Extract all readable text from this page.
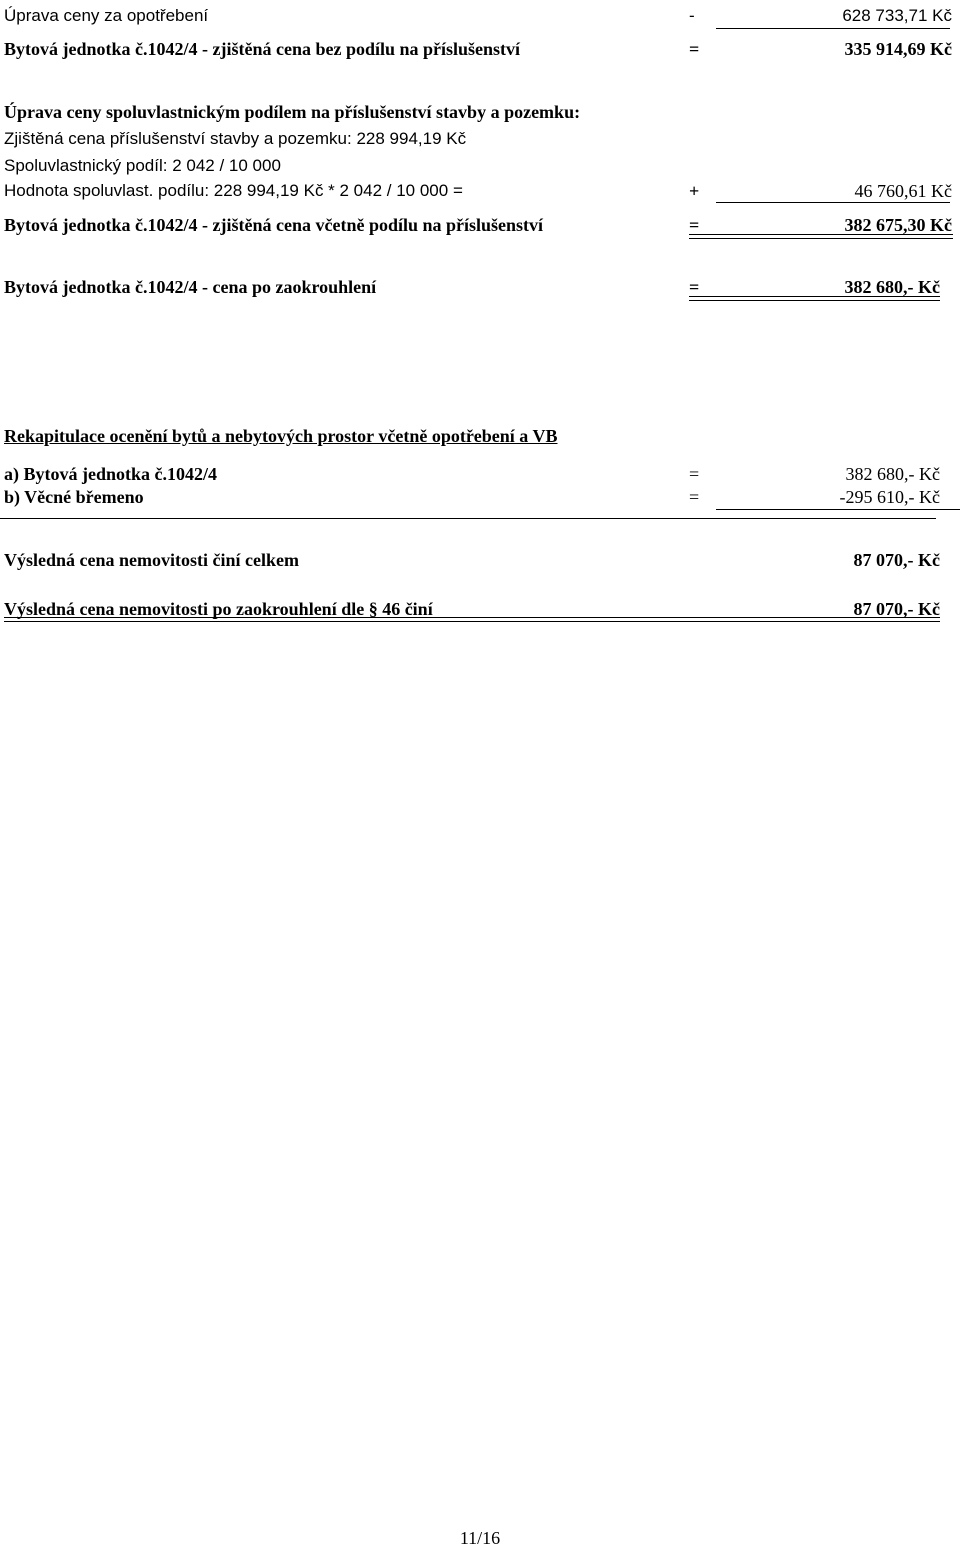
Úprava ceny za opotřebení	-	628 733,71 Kč
Bytová jednotka č.1042/4 - zjištěná cena bez podílu na příslušenství	=	335 914,69 Kč
Úprava ceny spoluvlastnickým podílem na příslušenství stavby a pozemku:
Zjištěná cena příslušenství stavby a pozemku: 228 994,19 Kč
Spoluvlastnický podíl: 2 042 / 10 000
Hodnota spoluvlast. podílu: 228 994,19 Kč * 2 042 / 10 000 =	+	46 760,61 Kč
Bytová jednotka č.1042/4 - zjištěná cena včetně podílu na příslušenství	=	382 675,30 Kč
Bytová jednotka č.1042/4 - cena po zaokrouhlení	=	382 680,- Kč
Rekapitulace ocenění bytů a nebytových prostor včetně opotřebení a VB
a) Bytová jednotka č.1042/4	=	382 680,- Kč
b) Věcné břemeno	=	-295 610,- Kč
Výsledná cena nemovitosti činí celkem	87 070,- Kč
Výsledná cena nemovitosti po zaokrouhlení dle § 46 činí	87 070,- Kč
11/16
